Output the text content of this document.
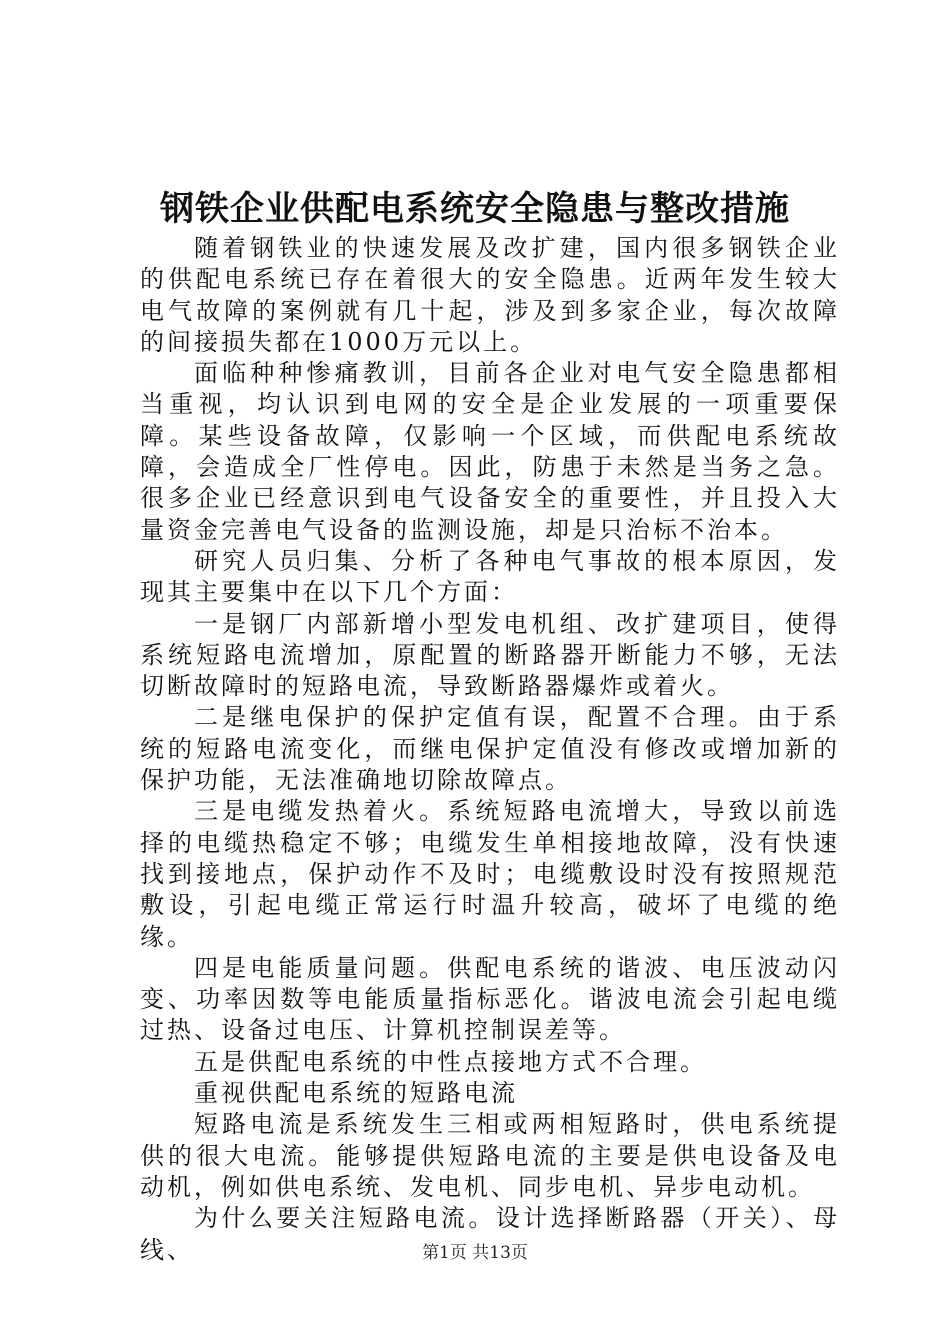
钢铁企业供配电系统安全隐患与整改措施

随着钢铁业的快速发展及改扩建，国内很多钢铁企业的供配电系统已存在着很大的安全隐患。近两年发生较大电气故障的案例就有几十起，涉及到多家企业，每次故障的间接损失都在1000万元以上。

面临种种惨痛教训，目前各企业对电气安全隐患都相当重视，均认识到电网的安全是企业发展的一项重要保障。某些设备故障，仅影响一个区域，而供配电系统故障，会造成全厂性停电。因此，防患于未然是当务之急。很多企业已经意识到电气设备安全的重要性，并且投入大量资金完善电气设备的监测设施，却是只治标不治本。

研究人员归集、分析了各种电气事故的根本原因，发现其主要集中在以下几个方面：

一是钢厂内部新增小型发电机组、改扩建项目，使得系统短路电流增加，原配置的断路器开断能力不够，无法切断故障时的短路电流，导致断路器爆炸或着火。

二是继电保护的保护定值有误，配置不合理。由于系统的短路电流变化，而继电保护定值没有修改或增加新的保护功能，无法准确地切除故障点。

三是电缆发热着火。系统短路电流增大，导致以前选择的电缆热稳定不够；电缆发生单相接地故障，没有快速找到接地点，保护动作不及时；电缆敷设时没有按照规范敷设，引起电缆正常运行时温升较高，破坏了电缆的绝缘。

四是电能质量问题。供配电系统的谐波、电压波动闪变、功率因数等电能质量指标恶化。谐波电流会引起电缆过热、设备过电压、计算机控制误差等。

五是供配电系统的中性点接地方式不合理。

重视供配电系统的短路电流

短路电流是系统发生三相或两相短路时，供电系统提供的很大电流。能够提供短路电流的主要是供电设备及电动机，例如供电系统、发电机、同步电机、异步电动机。

为什么要关注短路电流。设计选择断路器（开关）、母线、	第1页 共13页
